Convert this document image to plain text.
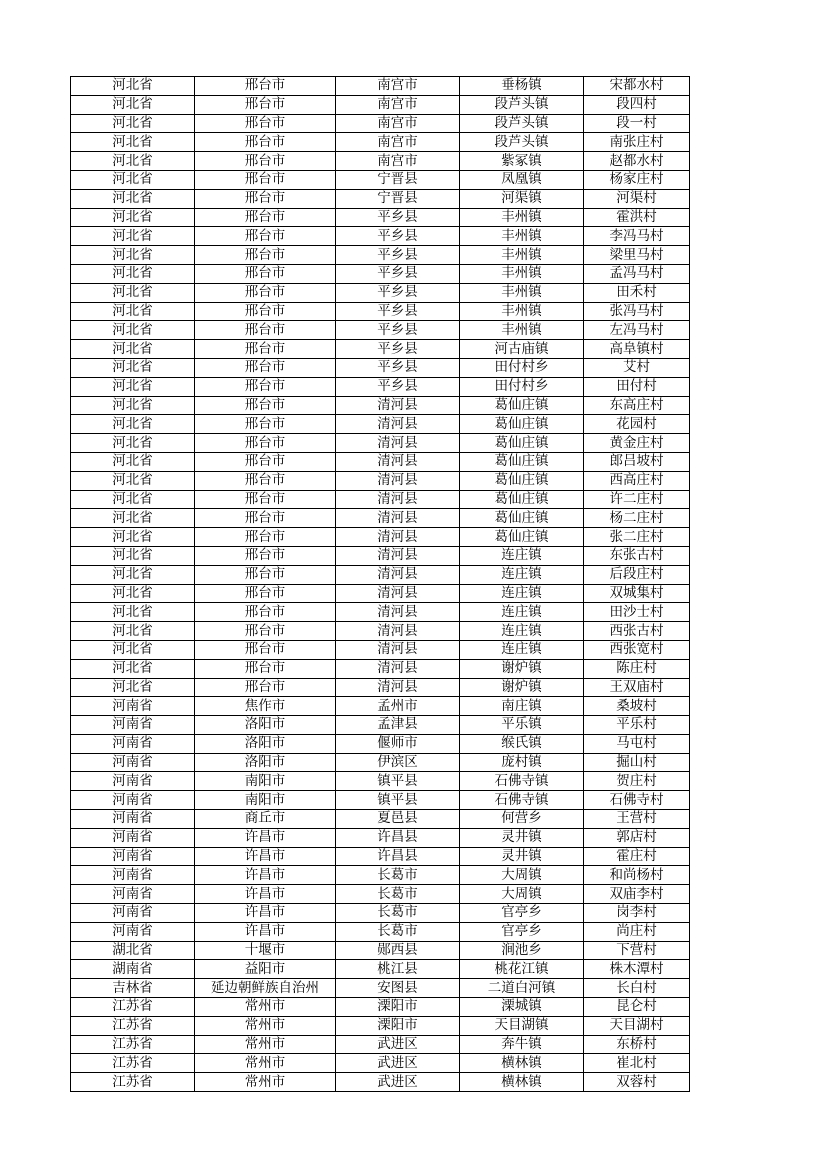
河北省	邢台市	南宫市	垂杨镇	宋都水村
河北省	邢台市	南宫市	段芦头镇	段四村
河北省	邢台市	南宫市	段芦头镇	段一村
河北省	邢台市	南宫市	段芦头镇	南张庄村
河北省	邢台市	南宫市	紫冢镇	赵都水村
河北省	邢台市	宁晋县	凤凰镇	杨家庄村
河北省	邢台市	宁晋县	河渠镇	河渠村
河北省	邢台市	平乡县	丰州镇	霍洪村
河北省	邢台市	平乡县	丰州镇	李冯马村
河北省	邢台市	平乡县	丰州镇	梁里马村
河北省	邢台市	平乡县	丰州镇	孟冯马村
河北省	邢台市	平乡县	丰州镇	田禾村
河北省	邢台市	平乡县	丰州镇	张冯马村
河北省	邢台市	平乡县	丰州镇	左冯马村
河北省	邢台市	平乡县	河古庙镇	高阜镇村
河北省	邢台市	平乡县	田付村乡	艾村
河北省	邢台市	平乡县	田付村乡	田付村
河北省	邢台市	清河县	葛仙庄镇	东高庄村
河北省	邢台市	清河县	葛仙庄镇	花园村
河北省	邢台市	清河县	葛仙庄镇	黄金庄村
河北省	邢台市	清河县	葛仙庄镇	郎吕坡村
河北省	邢台市	清河县	葛仙庄镇	西高庄村
河北省	邢台市	清河县	葛仙庄镇	许二庄村
河北省	邢台市	清河县	葛仙庄镇	杨二庄村
河北省	邢台市	清河县	葛仙庄镇	张二庄村
河北省	邢台市	清河县	连庄镇	东张古村
河北省	邢台市	清河县	连庄镇	后段庄村
河北省	邢台市	清河县	连庄镇	双城集村
河北省	邢台市	清河县	连庄镇	田沙士村
河北省	邢台市	清河县	连庄镇	西张古村
河北省	邢台市	清河县	连庄镇	西张宽村
河北省	邢台市	清河县	谢炉镇	陈庄村
河北省	邢台市	清河县	谢炉镇	王双庙村
河南省	焦作市	孟州市	南庄镇	桑坡村
河南省	洛阳市	孟津县	平乐镇	平乐村
河南省	洛阳市	偃师市	缑氏镇	马屯村
河南省	洛阳市	伊滨区	庞村镇	掘山村
河南省	南阳市	镇平县	石佛寺镇	贺庄村
河南省	南阳市	镇平县	石佛寺镇	石佛寺村
河南省	商丘市	夏邑县	何营乡	王营村
河南省	许昌市	许昌县	灵井镇	郭店村
河南省	许昌市	许昌县	灵井镇	霍庄村
河南省	许昌市	长葛市	大周镇	和尚杨村
河南省	许昌市	长葛市	大周镇	双庙李村
河南省	许昌市	长葛市	官亭乡	岗李村
河南省	许昌市	长葛市	官亭乡	尚庄村
湖北省	十堰市	郧西县	涧池乡	下营村
湖南省	益阳市	桃江县	桃花江镇	株木潭村
吉林省	延边朝鲜族自治州	安图县	二道白河镇	长白村
江苏省	常州市	溧阳市	溧城镇	昆仑村
江苏省	常州市	溧阳市	天目湖镇	天目湖村
江苏省	常州市	武进区	奔牛镇	东桥村
江苏省	常州市	武进区	横林镇	崔北村
江苏省	常州市	武进区	横林镇	双蓉村
